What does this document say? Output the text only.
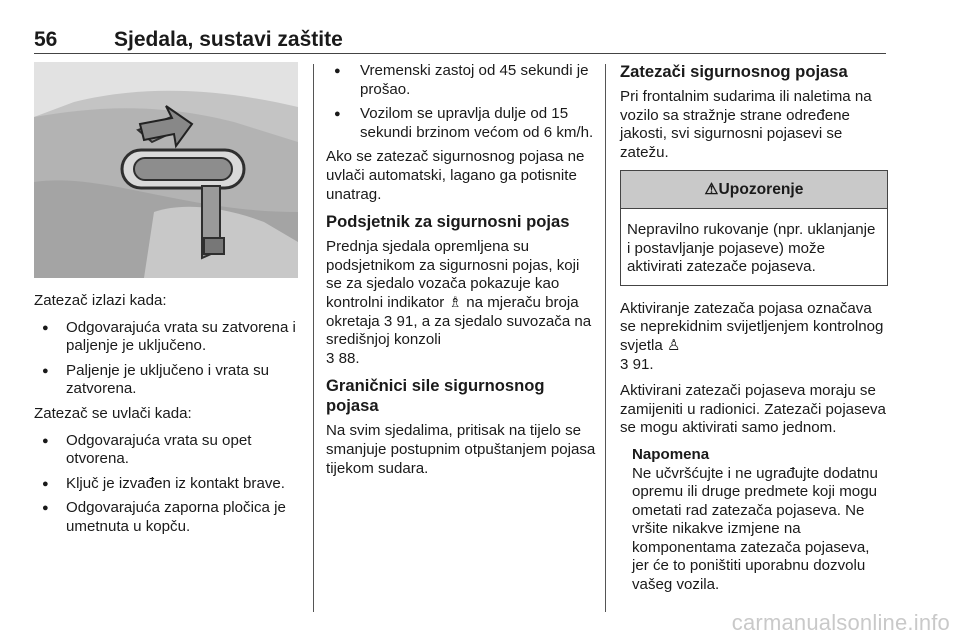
56	Sjedala, sustavi zaštite

Zatezač izlazi kada:

● Odgovarajuća vrata su zatvorena i paljenje je uključeno.
● Paljenje je uključeno i vrata su zatvorena.

Zatezač se uvlači kada:

● Odgovarajuća vrata su opet otvorena.
● Ključ je izvađen iz kontakt brave.
● Odgovarajuća zaporna pločica je umetnuta u kopču.
● Vremenski zastoj od 45 sekundi je prošao.
● Vozilom se upravlja dulje od 15 sekundi brzinom većom od 6 km/h.

Ako se zatezač sigurnosnog pojasa ne uvlači automatski, lagano ga potisnite unatrag.

Podsjetnik za sigurnosni pojas

Prednja sjedala opremljena su podsjetnikom za sigurnosni pojas, koji se za sjedalo vozača pokazuje kao kontrolni indikator ♗ na mjeraču broja okretaja 3 91, a za sjedalo suvozača na središnjoj konzoli
3 88.

Graničnici sile sigurnosnog pojasa

Na svim sjedalima, pritisak na tijelo se smanjuje postupnim otpuštanjem pojasa tijekom sudara.

Zatezači sigurnosnog pojasa

Pri frontalnim sudarima ili naletima na vozilo sa stražnje strane određene jakosti, svi sigurnosni pojasevi se zatežu.

⚠Upozorenje
Nepravilno rukovanje (npr. uklanjanje i postavljanje pojaseve) može aktivirati zatezače pojaseva.

Aktiviranje zatezača pojasa označava se neprekidnim svijetljenjem kontrolnog svjetla ♙
3 91.

Aktivirani zatezači pojaseva moraju se zamijeniti u radionici. Zatezači pojaseva se mogu aktivirati samo jednom.

Napomena
Ne učvršćujte i ne ugrađujte dodatnu opremu ili druge predmete koji mogu ometati rad zatezača pojaseva. Ne vršite nikakve izmjene na komponentama zatezača pojaseva, jer će to poništiti uporabnu dozvolu vašeg vozila.
carmanualsonline.info
